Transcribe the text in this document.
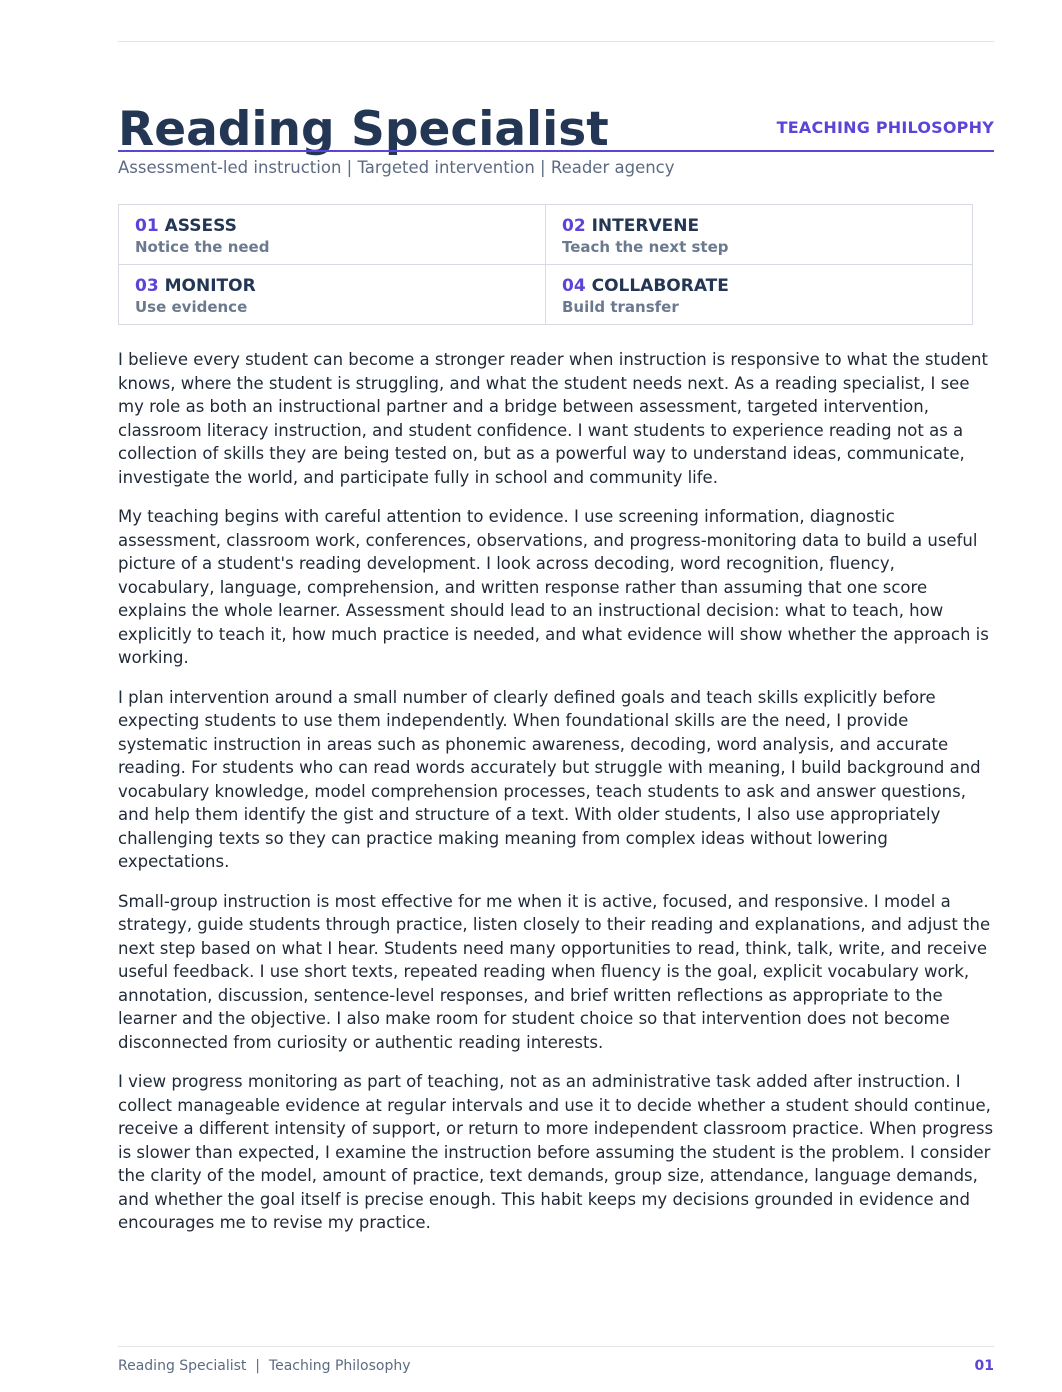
Reading Specialist	TEACHING PHILOSOPHY
Assessment-led instruction | Targeted intervention | Reader agency
01 ASSESS
Notice the need
02 INTERVENE
Teach the next step
03 MONITOR
Use evidence
04 COLLABORATE
Build transfer

I believe every student can become a stronger reader when instruction is responsive to what the student knows, where the student is struggling, and what the student needs next. As a reading specialist, I see my role as both an instructional partner and a bridge between assessment, targeted intervention, classroom literacy instruction, and student confidence. I want students to experience reading not as a collection of skills they are being tested on, but as a powerful way to understand ideas, communicate, investigate the world, and participate fully in school and community life.

My teaching begins with careful attention to evidence. I use screening information, diagnostic assessment, classroom work, conferences, observations, and progress-monitoring data to build a useful picture of a student's reading development. I look across decoding, word recognition, fluency, vocabulary, language, comprehension, and written response rather than assuming that one score explains the whole learner. Assessment should lead to an instructional decision: what to teach, how explicitly to teach it, how much practice is needed, and what evidence will show whether the approach is working.

I plan intervention around a small number of clearly defined goals and teach skills explicitly before expecting students to use them independently. When foundational skills are the need, I provide systematic instruction in areas such as phonemic awareness, decoding, word analysis, and accurate reading. For students who can read words accurately but struggle with meaning, I build background and vocabulary knowledge, model comprehension processes, teach students to ask and answer questions, and help them identify the gist and structure of a text. With older students, I also use appropriately challenging texts so they can practice making meaning from complex ideas without lowering expectations.

Small-group instruction is most effective for me when it is active, focused, and responsive. I model a strategy, guide students through practice, listen closely to their reading and explanations, and adjust the next step based on what I hear. Students need many opportunities to read, think, talk, write, and receive useful feedback. I use short texts, repeated reading when fluency is the goal, explicit vocabulary work, annotation, discussion, sentence-level responses, and brief written reflections as appropriate to the learner and the objective. I also make room for student choice so that intervention does not become disconnected from curiosity or authentic reading interests.

I view progress monitoring as part of teaching, not as an administrative task added after instruction. I collect manageable evidence at regular intervals and use it to decide whether a student should continue, receive a different intensity of support, or return to more independent classroom practice. When progress is slower than expected, I examine the instruction before assuming the student is the problem. I consider the clarity of the model, amount of practice, text demands, group size, attendance, language demands, and whether the goal itself is precise enough. This habit keeps my decisions grounded in evidence and encourages me to revise my practice.

Reading Specialist  |  Teaching Philosophy	01
